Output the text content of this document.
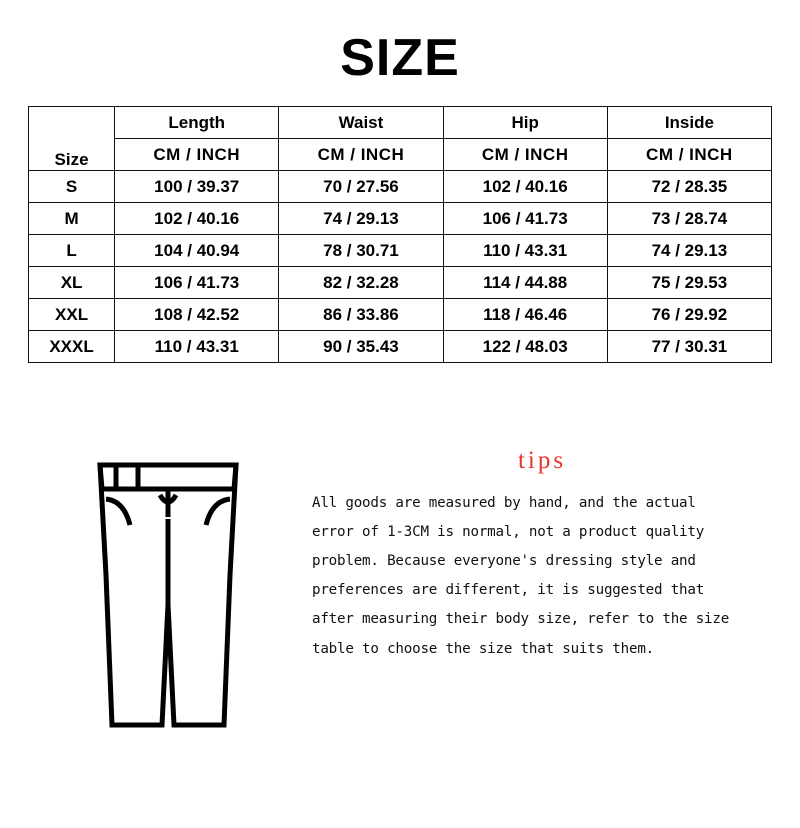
SIZE
Size	Length	Waist	Hip	Inside
	CM / INCH	CM / INCH	CM / INCH	CM / INCH
S	100 / 39.37	70 / 27.56	102 / 40.16	72 / 28.35
M	102 / 40.16	74 / 29.13	106 / 41.73	73 / 28.74
L	104 / 40.94	78 / 30.71	110 / 43.31	74 / 29.13
XL	106 / 41.73	82 / 32.28	114 / 44.88	75 / 29.53
XXL	108 / 42.52	86 / 33.86	118 / 46.46	76 / 29.92
XXXL	110 / 43.31	90 / 35.43	122 / 48.03	77 / 30.31
tips
All goods are measured by hand, and the actual
error of 1-3CM is normal, not a product quality
problem. Because everyone's dressing style and
preferences are different, it is suggested that
after measuring their body size, refer to the size
table to choose the size that suits them.
